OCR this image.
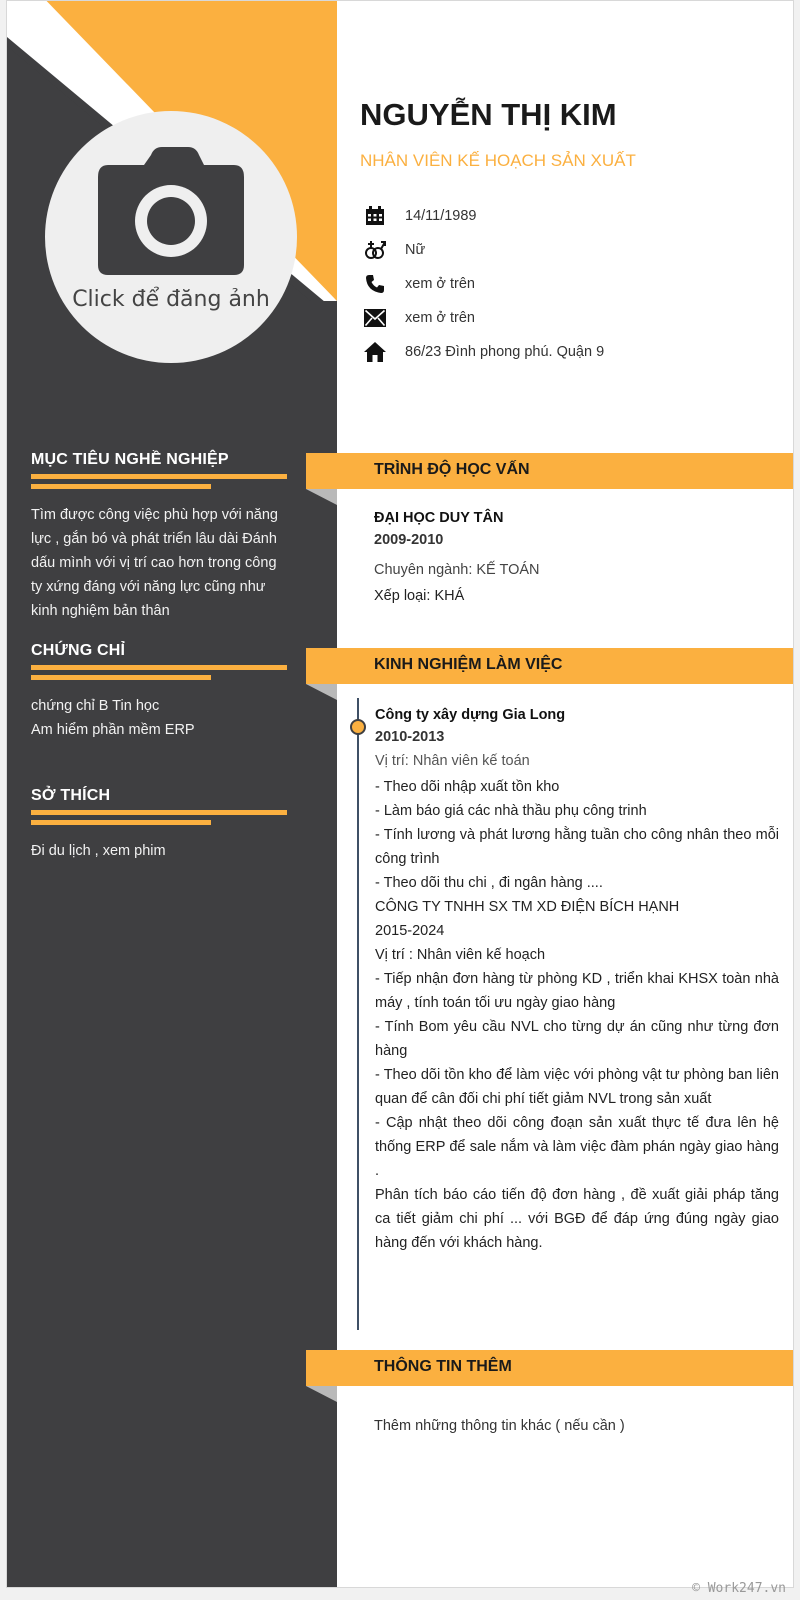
Click để đăng ảnh
MỤC TIÊU NGHỀ NGHIỆP
Tìm được công việc phù hợp với năng lực , gắn bó và phát triển lâu dài Đánh dấu mình với vị trí cao hơn trong công ty xứng đáng với năng lực cũng như kinh nghiệm bản thân
CHỨNG CHỈ
chứng chỉ B Tin học
Am hiểm phần mềm ERP
SỞ THÍCH
Đi du lịch , xem phim
NGUYỄN THỊ KIM
NHÂN VIÊN KẾ HOẠCH SẢN XUẤT
14/11/1989
Nữ
xem ở trên
xem ở trên
86/23 Đình phong phú. Quận 9
TRÌNH ĐỘ HỌC VẤN
ĐẠI HỌC DUY TÂN
2009-2010
Chuyên ngành: KẾ TOÁN
Xếp loại: KHÁ
KINH NGHIỆM LÀM VIỆC
Công ty xây dựng Gia Long
2010-2013
Vị trí: Nhân viên kế toán
- Theo dõi nhập xuất tồn kho
- Làm báo giá các nhà thầu phụ công trinh
- Tính lương và phát lương hằng tuần cho công nhân theo mỗi công trình
- Theo dõi thu chi , đi ngân hàng ....
CÔNG TY TNHH SX TM XD ĐIỆN BÍCH HẠNH
2015-2024
Vị trí : Nhân viên kế hoạch
- Tiếp nhận đơn hàng từ phòng KD , triển khai KHSX toàn nhà máy , tính toán tối ưu ngày giao hàng
- Tính Bom yêu cầu NVL cho từng dự án cũng như từng đơn hàng
- Theo dõi tồn kho để làm việc với phòng vật tư phòng ban liên quan để cân đối chi phí tiết giảm NVL trong sản xuất
- Cập nhật theo dõi công đoạn sản xuất thực tế đưa lên hệ thống ERP để sale nắm và làm việc đàm phán ngày giao hàng .
Phân tích báo cáo tiến độ đơn hàng , đề xuất giải pháp tăng ca tiết giảm chi phí ... với BGĐ để đáp ứng đúng ngày giao hàng đến với khách hàng.
THÔNG TIN THÊM
Thêm những thông tin khác ( nếu cần )
© Work247.vn
